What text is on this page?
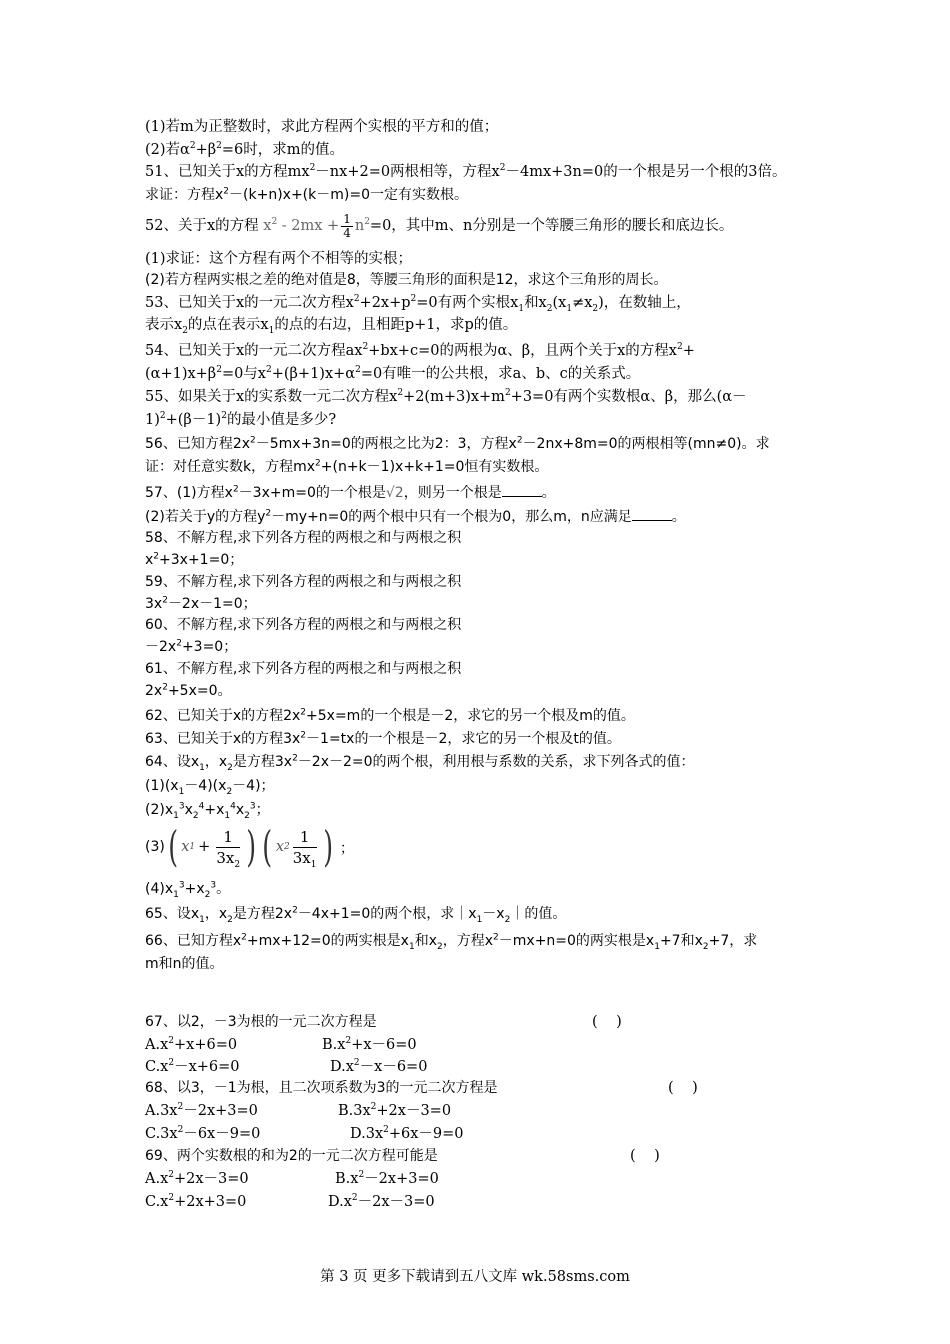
(1)若m为正整数时，求此方程两个实根的平方和的值；
(2)若$\alpha^2+\beta^2=6$时，求m的值。
51、已知关于x的方程$mx^2-nx+2=0$两根相等，方程$x^2-4mx+3n=0$的一个根是另一个根的3倍。
求证：方程$x^2-(k+n)x+(k-m)=0$一定有实数根。
52、关于x的方程 $x^2 - 2mx + \frac{1}{4} n^2=0$，其中m、n分别是一个等腰三角形的腰长和底边长。
(1)求证：这个方程有两个不相等的实根；
(2)若方程两实根之差的绝对值是8，等腰三角形的面积是12，求这个三角形的周长。
53、已知关于x的一元二次方程$x^2+2x+p^2=0$有两个实根$x_1$和$x_2(x_1\ne x_2)$，在数轴上，
表示$x_2$的点在表示$x_1$的点的右边，且相距p+1，求p的值。
54、已知关于x的一元二次方程$ax^2+bx+c=0$的两根为α、β，且两个关于x的方程$x^2+$
$(\alpha+1)x+\beta^2=0$与$x^2+(\beta+1)x+\alpha^2=0$有唯一的公共根，求a、b、c的关系式。
55、如果关于x的实系数一元二次方程$x^2+2(m+3)x+m^2+3=0$有两个实数根α、β，那么(α－
$1)^2+(\beta-1)^2$的最小值是多少?
56、已知方程$2x^2-5mx+3n=0$的两根之比为2：3，方程$x^2-2nx+8m=0$的两根相等(mn≠0)。求
证：对任意实数k，方程$mx^2+(n+k-1)x+k+1=0$恒有实数根。
57、(1)方程$x^2-3x+m=0$的一个根是√2，则另一个根是	。
(2)若关于y的方程$y^2-my+n=0$的两个根中只有一个根为0，那么m，n应满足	。
58、不解方程,求下列各方程的两根之和与两根之积
$x^2+3x+1=0$；
59、不解方程,求下列各方程的两根之和与两根之积
$3x^2-2x-1=0$；
60、不解方程,求下列各方程的两根之和与两根之积
$-2x^2+3=0$；
61、不解方程,求下列各方程的两根之和与两根之积
$2x^2+5x=0$。
62、已知关于x的方程$2x^2+5x=m$的一个根是－2，求它的另一个根及m的值。
63、已知关于x的方程$3x^2-1=tx$的一个根是－2，求它的另一个根及t的值。
64、设$x_1$，$x_2$是方程$3x^2-2x-2=0$的两个根，利用根与系数的关系，求下列各式的值：
$(1)(x_1-4)(x_2-4)$；
$(2)x_1^3x_2^4+x_1^4x_2^3$；
(3) ( x $1 + \frac{1}{3x_2}$ ) ( x $2 \frac{1}{3x_1}$ ) ；
$(4)x_1^3+x_2^3$。
65、设$x_1$，$x_2$是方程$2x^2-4x+1=0$的两个根，求$|x_1-x_2|$的值。
66、已知方程$x^2+mx+12=0$的两实根是$x_1$和$x_2$，方程$x^2-mx+n=0$的两实根是$x_1+7$和$x_2+7$，求
m和n的值。
67、以2，－3为根的一元二次方程是	(    )
$A.x^2+x+6=0$	$B.x^2+x-6=0$
$C.x^2-x+6=0$	$D.x^2-x-6=0$
68、以3，－1为根，且二次项系数为3的一元二次方程是	(    )
$A.3x^2-2x+3=0$	$B.3x^2+2x-3=0$
$C.3x^2-6x-9=0$	$D.3x^2+6x-9=0$
69、两个实数根的和为2的一元二次方程可能是	(    )
$A.x^2+2x-3=0$	$B.x^2-2x+3=0$
$C.x^2+2x+3=0$	$D.x^2-2x-3=0$
第 3 页 更多下载请到五八文库 wk.58sms.com
